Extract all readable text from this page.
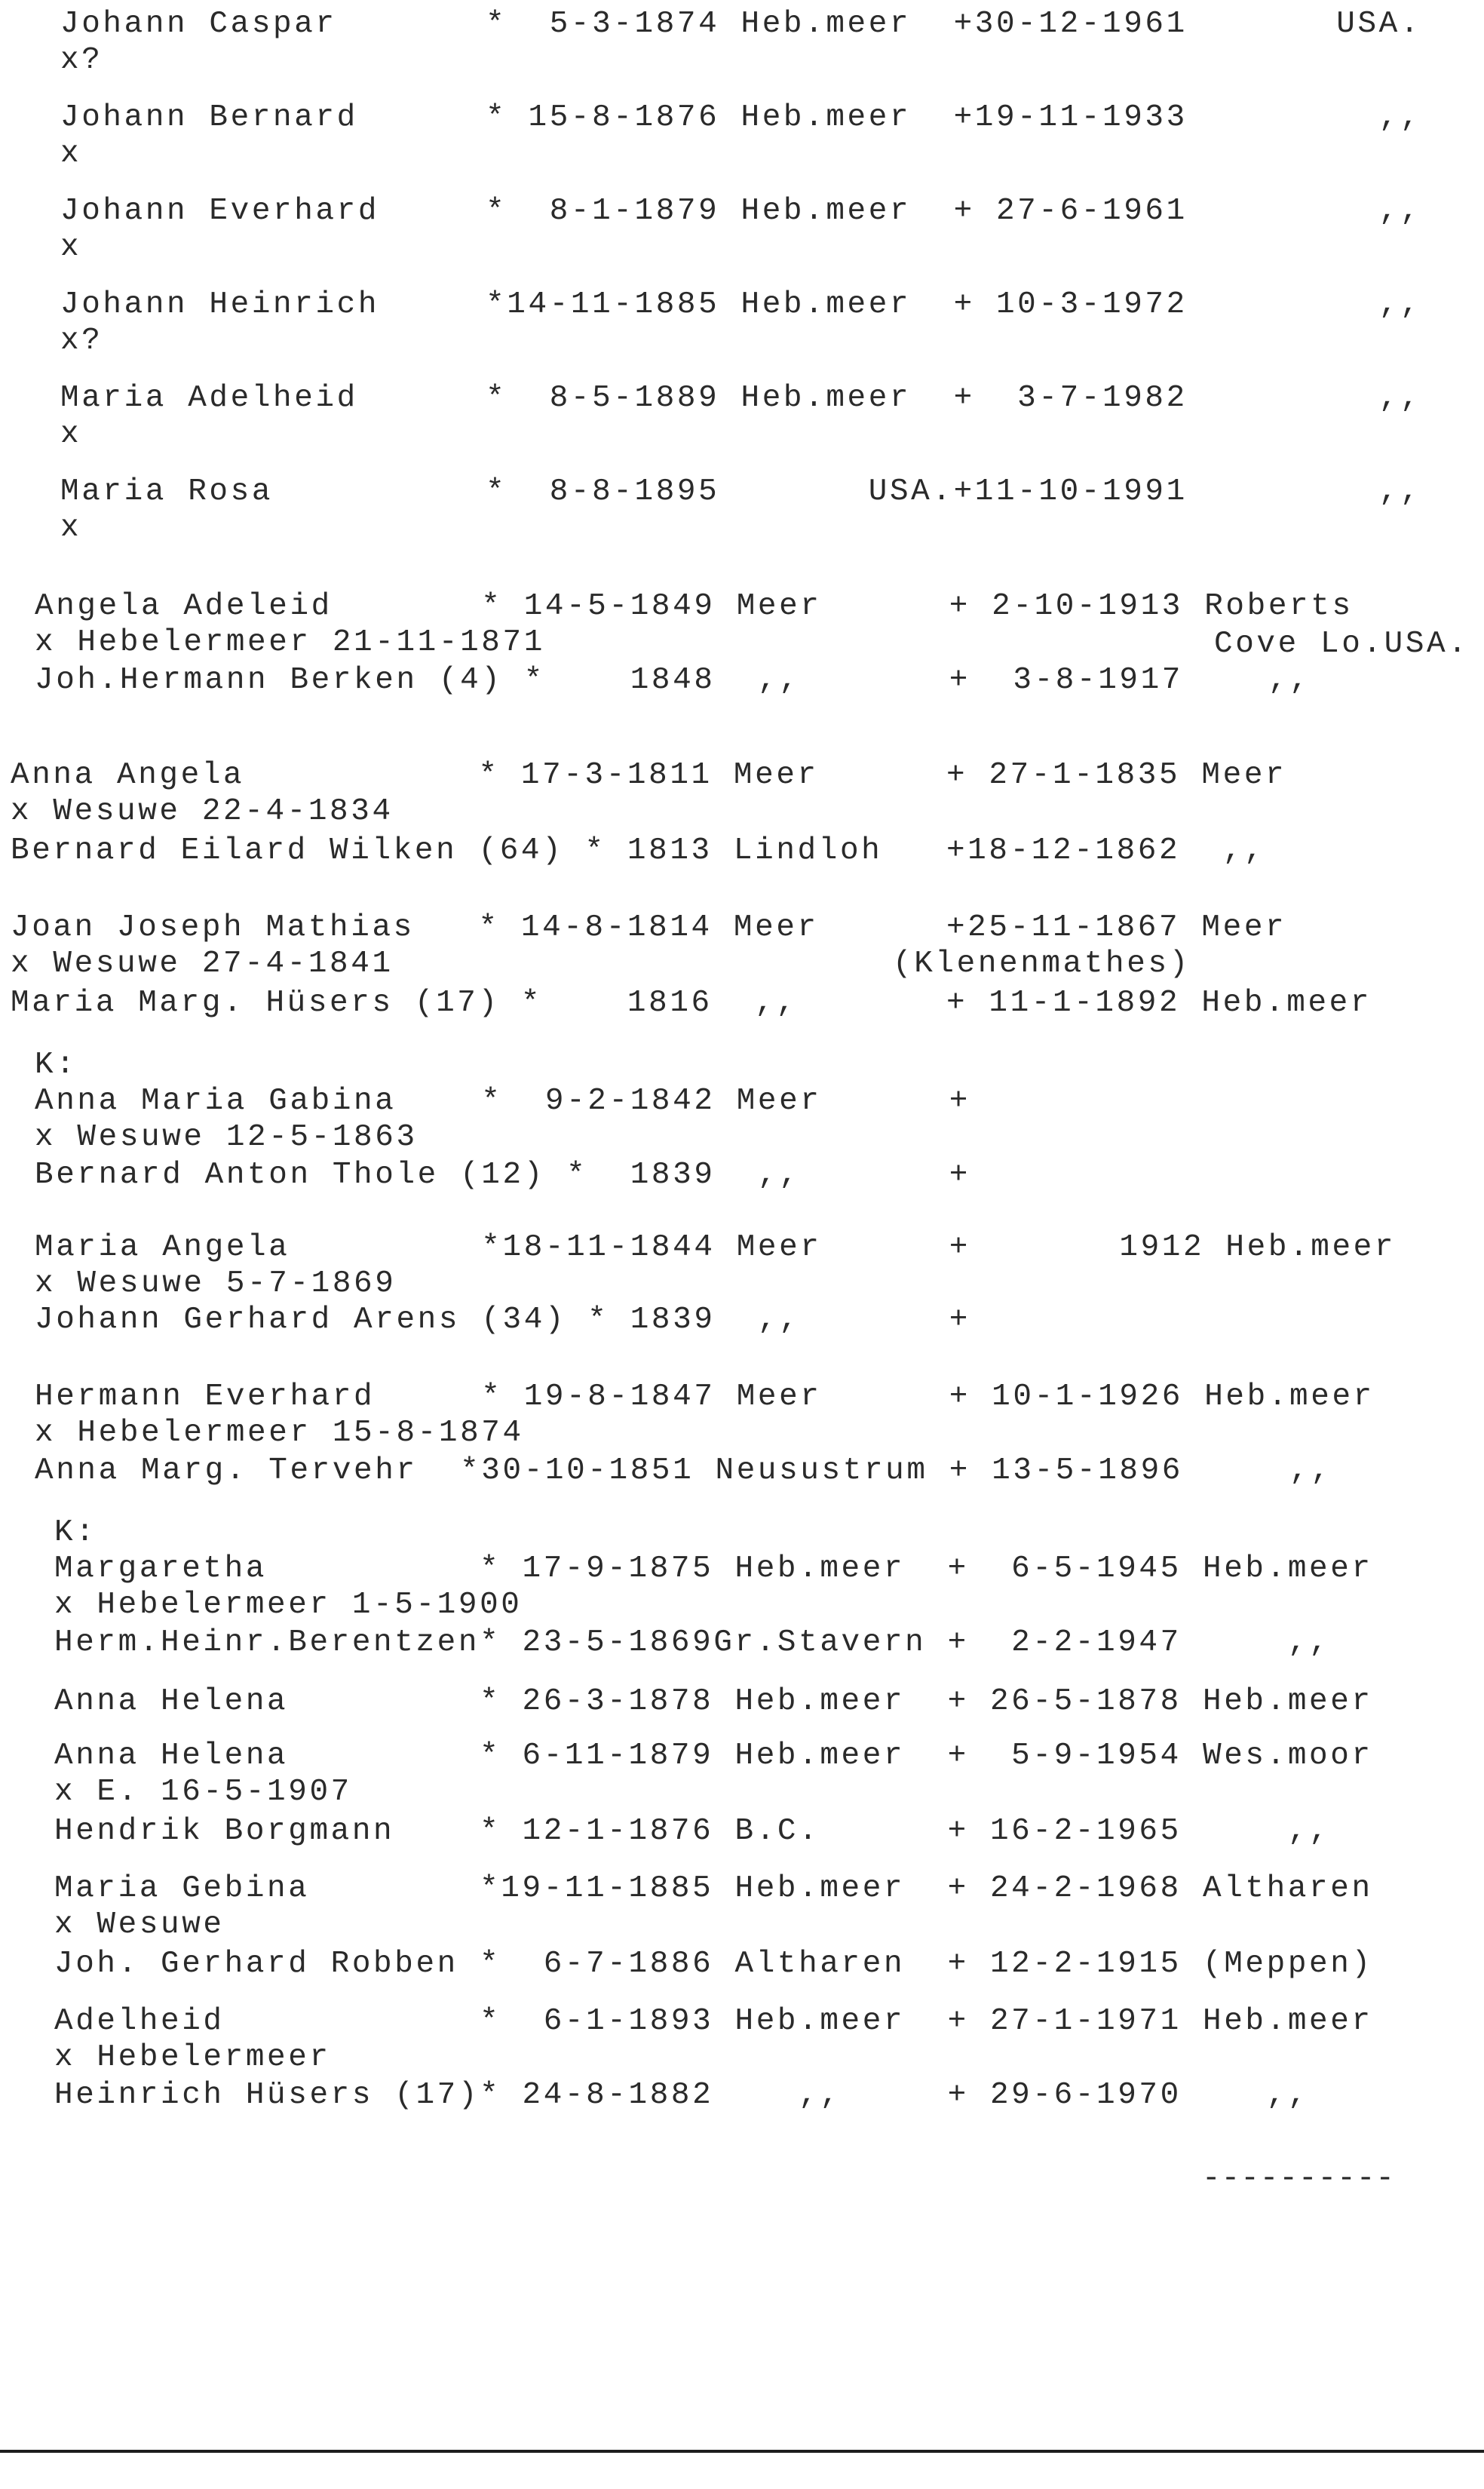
Johann Caspar       *  5-3-1874 Heb.meer  +30-12-1961       USA.
x?
Johann Bernard      * 15-8-1876 Heb.meer  +19-11-1933         ,,
x
Johann Everhard     *  8-1-1879 Heb.meer  + 27-6-1961         ,,
x
Johann Heinrich     *14-11-1885 Heb.meer  + 10-3-1972         ,,
x?
Maria Adelheid      *  8-5-1889 Heb.meer  +  3-7-1982         ,,
x
Maria Rosa          *  8-8-1895       USA.+11-10-1991         ,,
x
Angela Adeleid       * 14-5-1849 Meer      + 2-10-1913 Roberts
x Hebelermeer 21-11-1871	Cove Lo.USA.
Joh.Hermann Berken (4) *    1848  ,,       +  3-8-1917    ,,
Anna Angela           * 17-3-1811 Meer      + 27-1-1835 Meer
x Wesuwe 22-4-1834
Bernard Eilard Wilken (64) * 1813 Lindloh   +18-12-1862  ,,
Joan Joseph Mathias   * 14-8-1814 Meer      +25-11-1867 Meer
x Wesuwe 27-4-1841	(Klenenmathes)
Maria Marg. Hüsers (17) *    1816  ,,       + 11-1-1892 Heb.meer
K:
Anna Maria Gabina    *  9-2-1842 Meer      +
x Wesuwe 12-5-1863
Bernard Anton Thole (12) *  1839  ,,       +
Maria Angela         *18-11-1844 Meer      +       1912 Heb.meer
x Wesuwe 5-7-1869
Johann Gerhard Arens (34) * 1839  ,,       +
Hermann Everhard     * 19-8-1847 Meer      + 10-1-1926 Heb.meer
x Hebelermeer 15-8-1874
Anna Marg. Tervehr  *30-10-1851 Neusustrum + 13-5-1896     ,,
K:
Margaretha          * 17-9-1875 Heb.meer  +  6-5-1945 Heb.meer
x Hebelermeer 1-5-1900
Herm.Heinr.Berentzen* 23-5-1869Gr.Stavern +  2-2-1947     ,,
Anna Helena         * 26-3-1878 Heb.meer  + 26-5-1878 Heb.meer
Anna Helena         * 6-11-1879 Heb.meer  +  5-9-1954 Wes.moor
x E. 16-5-1907
Hendrik Borgmann    * 12-1-1876 B.C.      + 16-2-1965     ,,
Maria Gebina        *19-11-1885 Heb.meer  + 24-2-1968 Altharen
x Wesuwe
Joh. Gerhard Robben *  6-7-1886 Altharen  + 12-2-1915 (Meppen)
Adelheid            *  6-1-1893 Heb.meer  + 27-1-1971 Heb.meer
x Hebelermeer
Heinrich Hüsers (17)* 24-8-1882    ,,     + 29-6-1970    ,,
----------
